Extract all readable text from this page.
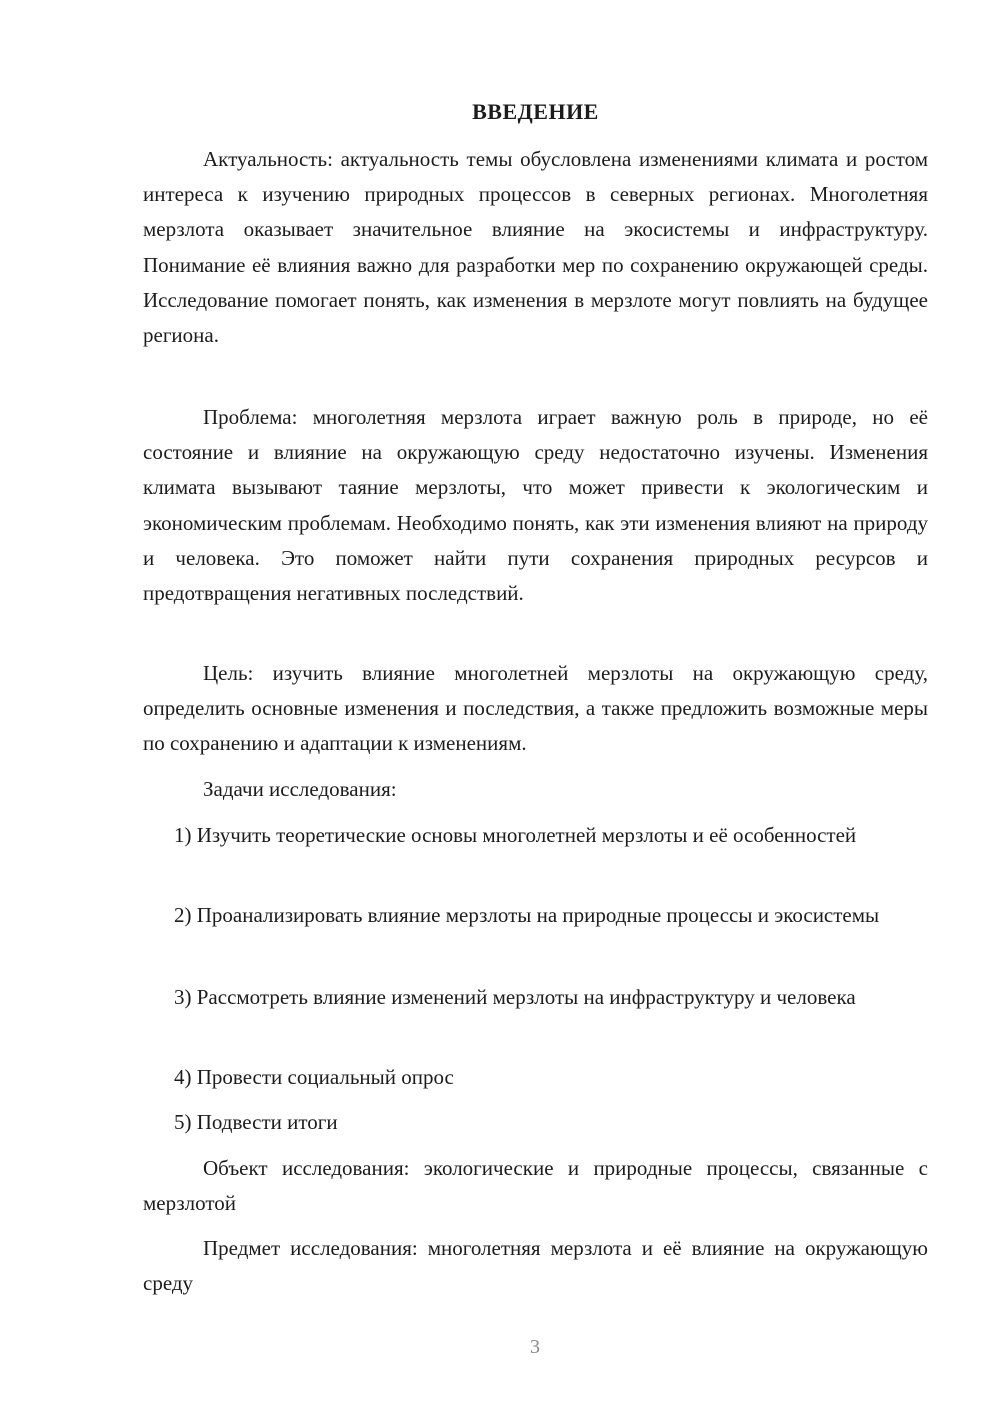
ВВЕДЕНИЕ

Актуальность: актуальность темы обусловлена изменениями климата и ростом интереса к изучению природных процессов в северных регионах. Многолетняя мерзлота оказывает значительное влияние на экосистемы и инфраструктуру. Понимание её влияния важно для разработки мер по сохранению окружающей среды. Исследование помогает понять, как изменения в мерзлоте могут повлиять на будущее региона.

Проблема: многолетняя мерзлота играет важную роль в природе, но её состояние и влияние на окружающую среду недостаточно изучены. Изменения климата вызывают таяние мерзлоты, что может привести к экологическим и экономическим проблемам. Необходимо понять, как эти изменения влияют на природу и человека. Это поможет найти пути сохранения природных ресурсов и предотвращения негативных последствий.

Цель: изучить влияние многолетней мерзлоты на окружающую среду, определить основные изменения и последствия, а также предложить возможные меры по сохранению и адаптации к изменениям.

Задачи исследования:

1) Изучить теоретические основы многолетней мерзлоты и её особенностей

2) Проанализировать влияние мерзлоты на природные процессы и экосистемы

3) Рассмотреть влияние изменений мерзлоты на инфраструктуру и человека

4) Провести социальный опрос

5) Подвести итоги

Объект исследования: экологические и природные процессы, связанные с мерзлотой

Предмет исследования: многолетняя мерзлота и её влияние на окружающую среду

3
